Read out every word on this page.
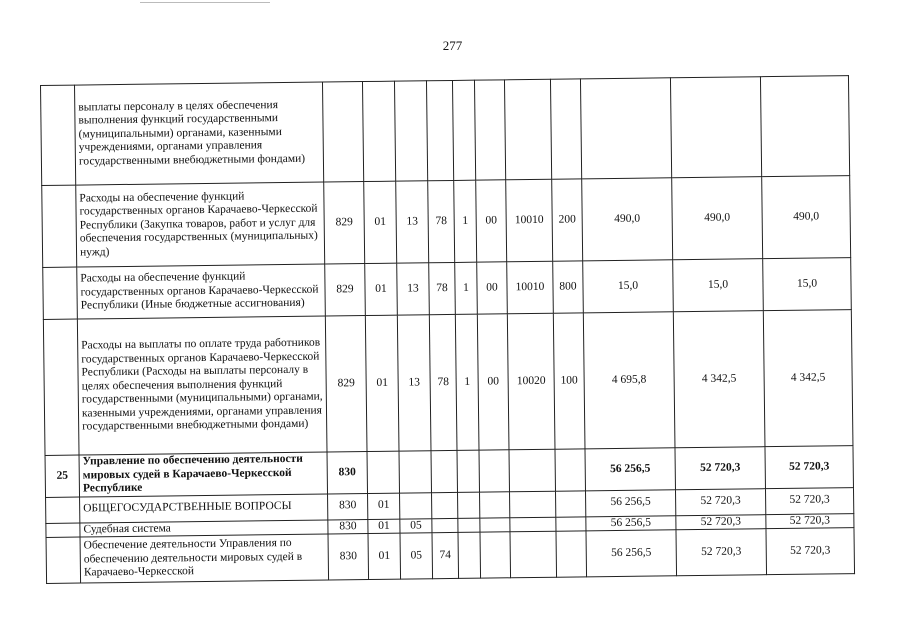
277
	выплаты персоналу в целях обеспечения выполнения функций государственными (муниципальными) органами, казенными учреждениями, органами управления государственными внебюджетными фондами)											
	Расходы на обеспечение функций государственных органов Карачаево-Черкесской Республики (Закупка товаров, работ и услуг для обеспечения государственных (муниципальных) нужд)	829	01	13	78	1	00	10010	200	490,0	490,0	490,0
	Расходы на обеспечение функций государственных органов Карачаево-Черкесской Республики (Иные бюджетные ассигнования)	829	01	13	78	1	00	10010	800	15,0	15,0	15,0
	Расходы на выплаты по оплате труда работников государственных органов Карачаево-Черкесской Республики (Расходы на выплаты персоналу в целях обеспечения выполнения функций государственными (муниципальными) органами, казенными учреждениями, органами управления государственными внебюджетными фондами)	829	01	13	78	1	00	10020	100	4 695,8	4 342,5	4 342,5
25	Управление по обеспечению деятельности мировых судей в Карачаево-Черкесской Республике	830								56 256,5	52 720,3	52 720,3
	ОБЩЕГОСУДАРСТВЕННЫЕ ВОПРОСЫ	830	01							56 256,5	52 720,3	52 720,3
	Судебная система	830	01	05						56 256,5	52 720,3	52 720,3
	Обеспечение деятельности Управления по обеспечению деятельности мировых судей в Карачаево-Черкесской	830	01	05	74					56 256,5	52 720,3	52 720,3
